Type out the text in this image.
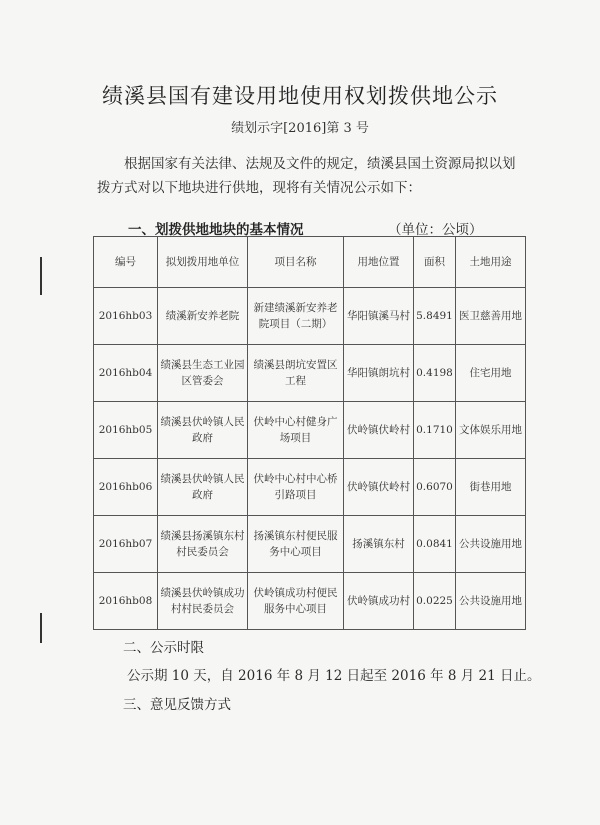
绩溪县国有建设用地使用权划拨供地公示
绩划示字[2016]第 3 号
根据国家有关法律、法规及文件的规定，绩溪县国土资源局拟以划拨方式对以下地块进行供地，现将有关情况公示如下：
一、划拨供地地块的基本情况	（单位：公顷）
编号	拟划拨用地单位	项目名称	用地位置	面积	土地用途
2016hb03	绩溪新安养老院	新建绩溪新安养老院项目（二期）	华阳镇溪马村	5.8491	医卫慈善用地
2016hb04	绩溪县生态工业园区管委会	绩溪县朗坑安置区工程	华阳镇朗坑村	0.4198	住宅用地
2016hb05	绩溪县伏岭镇人民政府	伏岭中心村健身广场项目	伏岭镇伏岭村	0.1710	文体娱乐用地
2016hb06	绩溪县伏岭镇人民政府	伏岭中心村中心桥引路项目	伏岭镇伏岭村	0.6070	街巷用地
2016hb07	绩溪县扬溪镇东村村民委员会	扬溪镇东村便民服务中心项目	扬溪镇东村	0.0841	公共设施用地
2016hb08	绩溪县伏岭镇成功村村民委员会	伏岭镇成功村便民服务中心项目	伏岭镇成功村	0.0225	公共设施用地
二、公示时限
公示期 10 天，自 2016 年 8 月 12 日起至 2016 年 8 月 21 日止。
三、意见反馈方式
